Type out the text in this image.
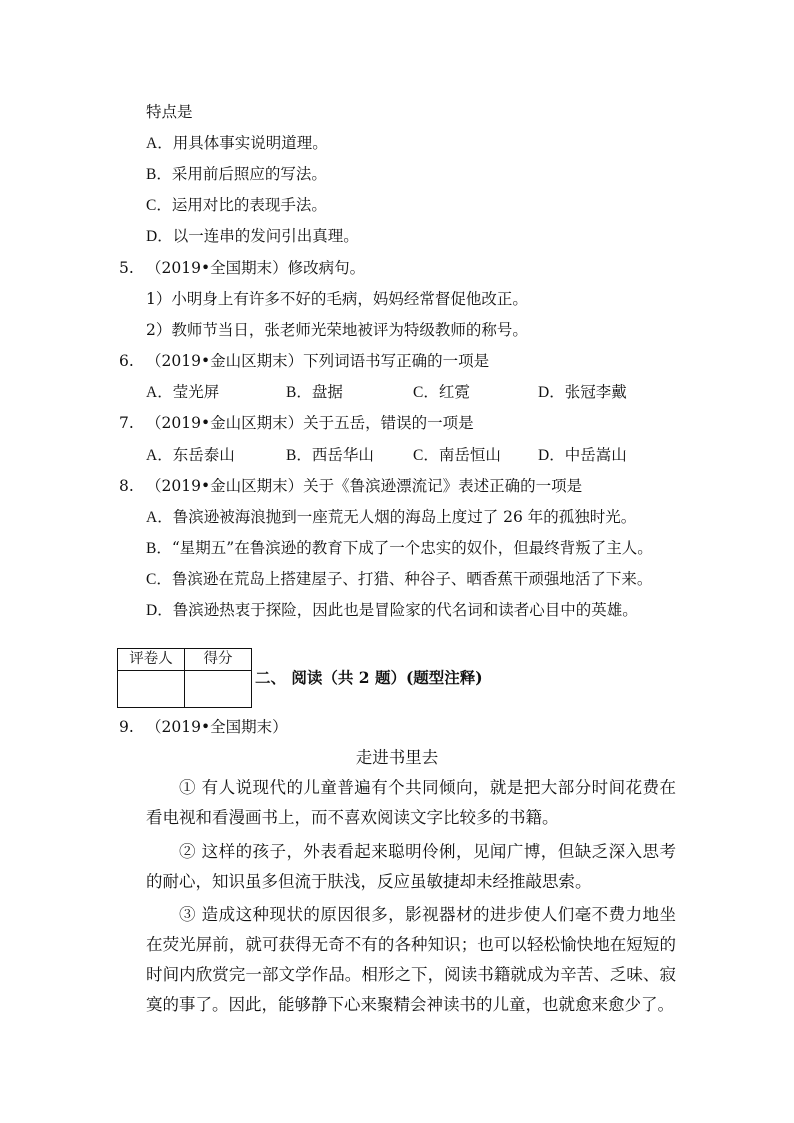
特点是
A．用具体事实说明道理。
B．采用前后照应的写法。
C．运用对比的表现手法。
D．以一连串的发问引出真理。
5. （2019•全国期末）修改病句。
1）小明身上有许多不好的毛病，妈妈经常督促他改正。
2）教师节当日，张老师光荣地被评为特级教师的称号。
6. （2019•金山区期末）下列词语书写正确的一项是
A．莹光屏	B．盘据	C．红霓	D．张冠李戴
7. （2019•金山区期末）关于五岳，错误的一项是
A．东岳泰山	B．西岳华山	C．南岳恒山 D．中岳嵩山
8. （2019•金山区期末）关于《鲁滨逊漂流记》表述正确的一项是
A．鲁滨逊被海浪抛到一座荒无人烟的海岛上度过了 26 年的孤独时光。
B．“星期五”在鲁滨逊的教育下成了一个忠实的奴仆，但最终背叛了主人。
C．鲁滨逊在荒岛上搭建屋子、打猎、种谷子、晒香蕉干顽强地活了下来。
D．鲁滨逊热衷于探险，因此也是冒险家的代名词和读者心目中的英雄。
评卷人	得分

二、 阅读（共 2 题）(题型注释)
9. （2019•全国期末）
走进书里去
① 有人说现代的儿童普遍有个共同倾向，就是把大部分时间花费在看电视和看漫画书上，而不喜欢阅读文字比较多的书籍。
② 这样的孩子，外表看起来聪明伶俐，见闻广博，但缺乏深入思考的耐心，知识虽多但流于肤浅，反应虽敏捷却未经推敲思索。
③ 造成这种现状的原因很多，影视器材的进步使人们毫不费力地坐在荧光屏前，就可获得无奇不有的各种知识；也可以轻松愉快地在短短的时间内欣赏完一部文学作品。相形之下，阅读书籍就成为辛苦、乏味、寂寞的事了。因此，能够静下心来聚精会神读书的儿童，也就愈来愈少了。
